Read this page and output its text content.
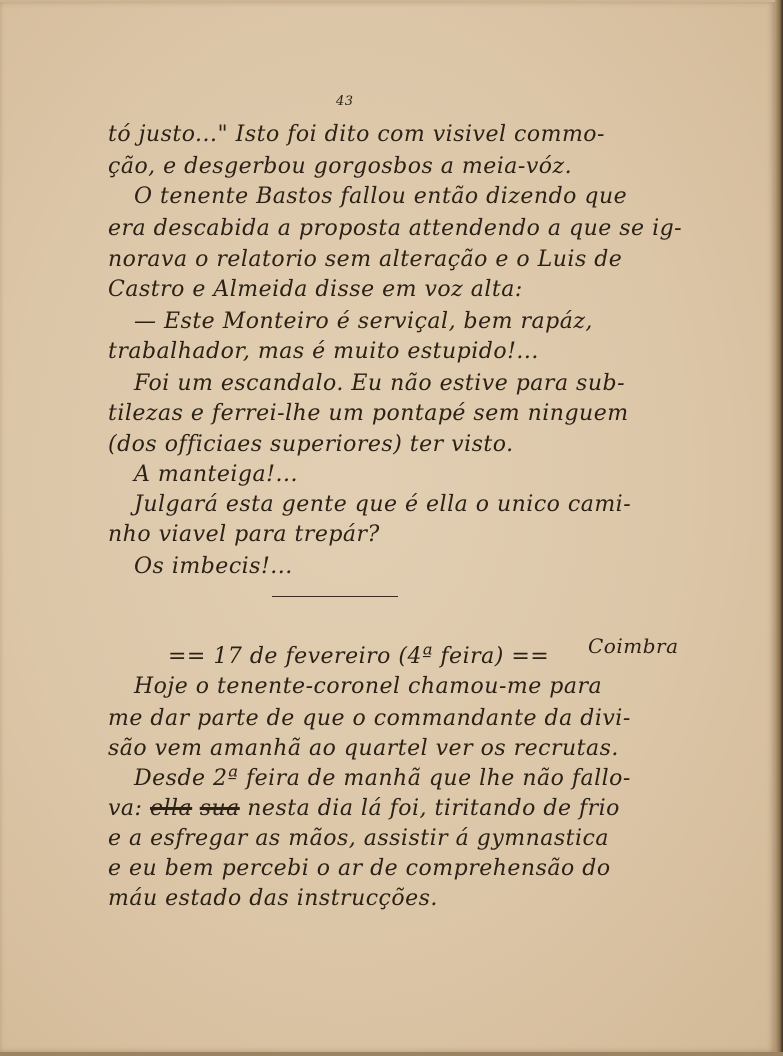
43
tó justo..." Isto foi dito com visivel commo-
ção, e desgerbou gorgosbos a meia-vóz.
O tenente Bastos fallou então dizendo que
era descabida a proposta attendendo a que se ig-
norava o relatorio sem alteração e o Luis de
Castro e Almeida disse em voz alta:
— Este Monteiro é serviçal, bem rapáz,
trabalhador, mas é muito estupido!...
Foi um escandalo. Eu não estive para sub-
tilezas e ferrei-lhe um pontapé sem ninguem
(dos officiaes superiores) ter visto.
A manteiga!...
Julgará esta gente que é ella o unico cami-
nho viavel para trepár?
Os imbecis!...
== 17 de fevereiro (4ª feira) == Coimbra
Hoje o tenente-coronel chamou-me para
me dar parte de que o commandante da divi-
são vem amanhã ao quartel ver os recrutas.
Desde 2ª feira de manhã que lhe não fallo-
va: ella sua nesta dia lá foi, tiritando de frio
e a esfregar as mãos, assistir á gymnastica
e eu bem percebi o ar de comprehensão do
máu estado das instrucções.
